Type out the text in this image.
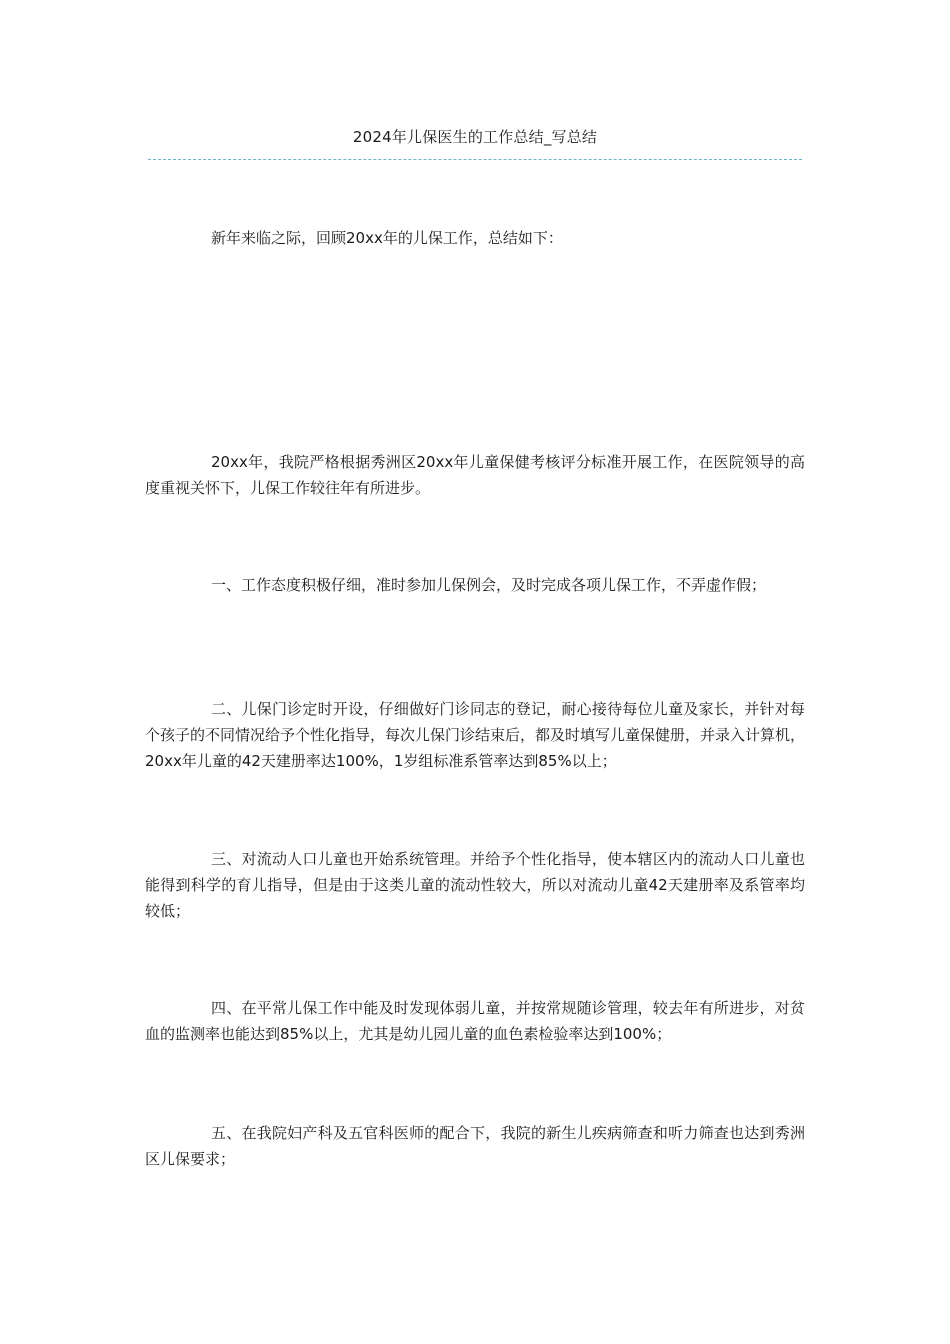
2024年儿保医生的工作总结_写总结

新年来临之际，回顾20xx年的儿保工作，总结如下：

20xx年，我院严格根据秀洲区20xx年儿童保健考核评分标准开展工作，在医院领导的高度重视关怀下，儿保工作较往年有所进步。

一、工作态度积极仔细，准时参加儿保例会，及时完成各项儿保工作，不弄虚作假；

二、儿保门诊定时开设，仔细做好门诊同志的登记，耐心接待每位儿童及家长，并针对每个孩子的不同情况给予个性化指导，每次儿保门诊结束后，都及时填写儿童保健册，并录入计算机，20xx年儿童的42天建册率达100%，1岁组标准系管率达到85%以上；

三、对流动人口儿童也开始系统管理。并给予个性化指导，使本辖区内的流动人口儿童也能得到科学的育儿指导，但是由于这类儿童的流动性较大，所以对流动儿童42天建册率及系管率均较低；

四、在平常儿保工作中能及时发现体弱儿童，并按常规随诊管理，较去年有所进步，对贫血的监测率也能达到85%以上，尤其是幼儿园儿童的血色素检验率达到100%；

五、在我院妇产科及五官科医师的配合下，我院的新生儿疾病筛查和听力筛查也达到秀洲区儿保要求；
